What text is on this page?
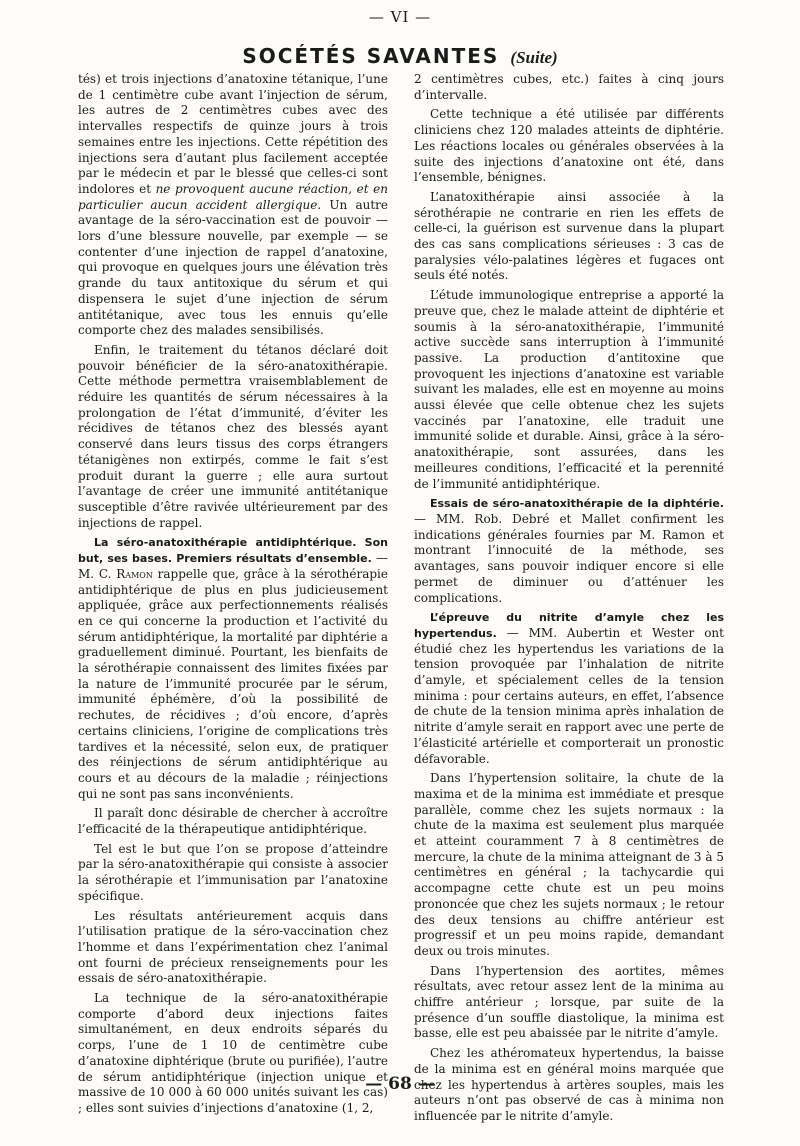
— VI —
SOCÉTÉS SAVANTES (Suite)

tés) et trois injections d’anatoxine tétanique, l’une de 1 centimètre cube avant l’injection de sérum, les autres de 2 centimètres cubes avec des intervalles respectifs de quinze jours à trois semaines entre les injections. Cette répétition des injections sera d’autant plus facilement acceptée par le médecin et par le blessé que celles-ci sont indolores et ne provoquent aucune réaction, et en particulier aucun accident allergique. Un autre avantage de la séro-vaccination est de pouvoir — lors d’une blessure nouvelle, par exemple — se contenter d’une injection de rappel d’anatoxine, qui provoque en quelques jours une élévation très grande du taux antitoxique du sérum et qui dispensera le sujet d’une injection de sérum antitétanique, avec tous les ennuis qu’elle comporte chez des malades sensibilisés.

Enfin, le traitement du tétanos déclaré doit pouvoir bénéficier de la séro-anatoxithérapie. Cette méthode permettra vraisemblablement de réduire les quantités de sérum nécessaires à la prolongation de l’état d’immunité, d’éviter les récidives de tétanos chez des blessés ayant conservé dans leurs tissus des corps étrangers tétanigènes non extirpés, comme le fait s’est produit durant la guerre ; elle aura surtout l’avantage de créer une immunité antitétanique susceptible d’être ravivée ultérieurement par des injections de rappel.

La séro-anatoxithérapie antidiphtérique. Son but, ses bases. Premiers résultats d’ensemble. — M. C. Ramon rappelle que, grâce à la sérothérapie antidiphtérique de plus en plus judicieusement appliquée, grâce aux perfectionnements réalisés en ce qui concerne la production et l’activité du sérum antidiphtérique, la mortalité par diphtérie a graduellement diminué. Pourtant, les bienfaits de la sérothérapie connaissent des limites fixées par la nature de l’immunité procurée par le sérum, immunité éphémère, d’où la possibilité de rechutes, de récidives ; d’où encore, d’après certains cliniciens, l’origine de complications très tardives et la nécessité, selon eux, de pratiquer des réinjections de sérum antidiphtérique au cours et au décours de la maladie ; réinjections qui ne sont pas sans inconvénients.

Il paraît donc désirable de chercher à accroître l’efficacité de la thérapeutique antidiphtérique.

Tel est le but que l’on se propose d’atteindre par la séro-anatoxithérapie qui consiste à associer la sérothérapie et l’immunisation par l’anatoxine spécifique.

Les résultats antérieurement acquis dans l’utilisation pratique de la séro-vaccination chez l’homme et dans l’expérimentation chez l’animal ont fourni de précieux renseignements pour les essais de séro-anatoxithérapie.

La technique de la séro-anatoxithérapie comporte d’abord deux injections faites simultanément, en deux endroits séparés du corps, l’une de 1 10 de centimètre cube d’anatoxine diphtérique (brute ou purifiée), l’autre de sérum antidiphtérique (injection unique et massive de 10 000 à 60 000 unités suivant les cas) ; elles sont suivies d’injections d’anatoxine (1, 2,

2 centimètres cubes, etc.) faites à cinq jours d’intervalle.

Cette technique a été utilisée par différents cliniciens chez 120 malades atteints de diphtérie. Les réactions locales ou générales observées à la suite des injections d’anatoxine ont été, dans l’ensemble, bénignes.

L’anatoxithérapie ainsi associée à la sérothérapie ne contrarie en rien les effets de celle-ci, la guérison est survenue dans la plupart des cas sans complications sérieuses : 3 cas de paralysies vélo-palatines légères et fugaces ont seuls été notés.

L’étude immunologique entreprise a apporté la preuve que, chez le malade atteint de diphtérie et soumis à la séro-anatoxithérapie, l’immunité active succède sans interruption à l’immunité passive. La production d’antitoxine que provoquent les injections d’anatoxine est variable suivant les malades, elle est en moyenne au moins aussi élevée que celle obtenue chez les sujets vaccinés par l’anatoxine, elle traduit une immunité solide et durable. Ainsi, grâce à la séro-anatoxithérapie, sont assurées, dans les meilleures conditions, l’efficacité et la perennité de l’immunité antidiphtérique.

Essais de séro-anatoxithérapie de la diphtérie. — MM. Rob. Debré et Mallet confirment les indications générales fournies par M. Ramon et montrant l’innocuité de la méthode, ses avantages, sans pouvoir indiquer encore si elle permet de diminuer ou d’atténuer les complications.

L’épreuve du nitrite d’amyle chez les hypertendus. — MM. Aubertin et Wester ont étudié chez les hypertendus les variations de la tension provoquée par l’inhalation de nitrite d’amyle, et spécialement celles de la tension minima : pour certains auteurs, en effet, l’absence de chute de la tension minima après inhalation de nitrite d’amyle serait en rapport avec une perte de l’élasticité artérielle et comporterait un pronostic défavorable.

Dans l’hypertension solitaire, la chute de la maxima et de la minima est immédiate et presque parallèle, comme chez les sujets normaux : la chute de la maxima est seulement plus marquée et atteint couramment 7 à 8 centimètres de mercure, la chute de la minima atteignant de 3 à 5 centimètres en général ; la tachycardie qui accompagne cette chute est un peu moins prononcée que chez les sujets normaux ; le retour des deux tensions au chiffre antérieur est progressif et un peu moins rapide, demandant deux ou trois minutes.

Dans l’hypertension des aortites, mêmes résultats, avec retour assez lent de la minima au chiffre antérieur ; lorsque, par suite de la présence d’un souffle diastolique, la minima est basse, elle est peu abaissée par le nitrite d’amyle.

Chez les athéromateux hypertendus, la baisse de la minima est en général moins marquée que chez les hypertendus à artères souples, mais les auteurs n’ont pas observé de cas à minima non influencée par le nitrite d’amyle.

— 68 —
